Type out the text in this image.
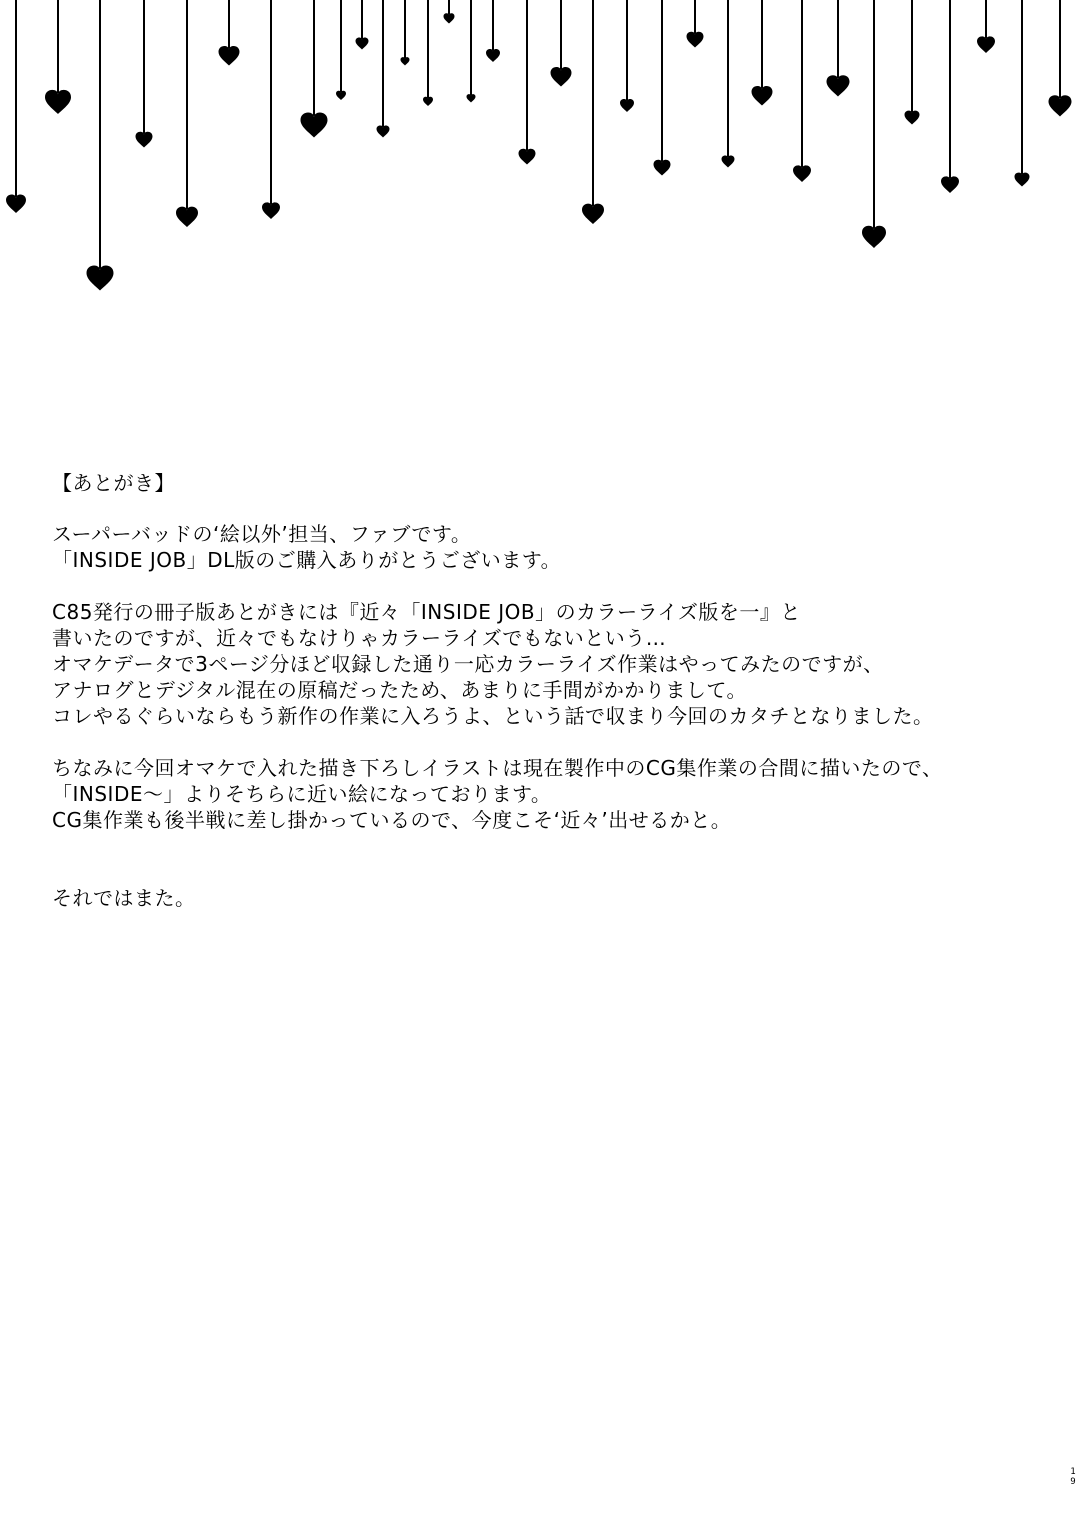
【あとがき】
スーパーバッドの‘絵以外’担当、ファブです。
「INSIDE JOB」DL版のご購入ありがとうございます。
C85発行の冊子版あとがきには『近々「INSIDE JOB」のカラーライズ版を一』と
書いたのですが、近々でもなけりゃカラーライズでもないという…
オマケデータで3ページ分ほど収録した通り一応カラーライズ作業はやってみたのですが、
アナログとデジタル混在の原稿だったため、あまりに手間がかかりまして。
コレやるぐらいならもう新作の作業に入ろうよ、という話で収まり今回のカタチとなりました。
ちなみに今回オマケで入れた描き下ろしイラストは現在製作中のCG集作業の合間に描いたので、
「INSIDE～」よりそちらに近い絵になっております。
CG集作業も後半戦に差し掛かっているので、今度こそ‘近々’出せるかと。
それではまた。
19
